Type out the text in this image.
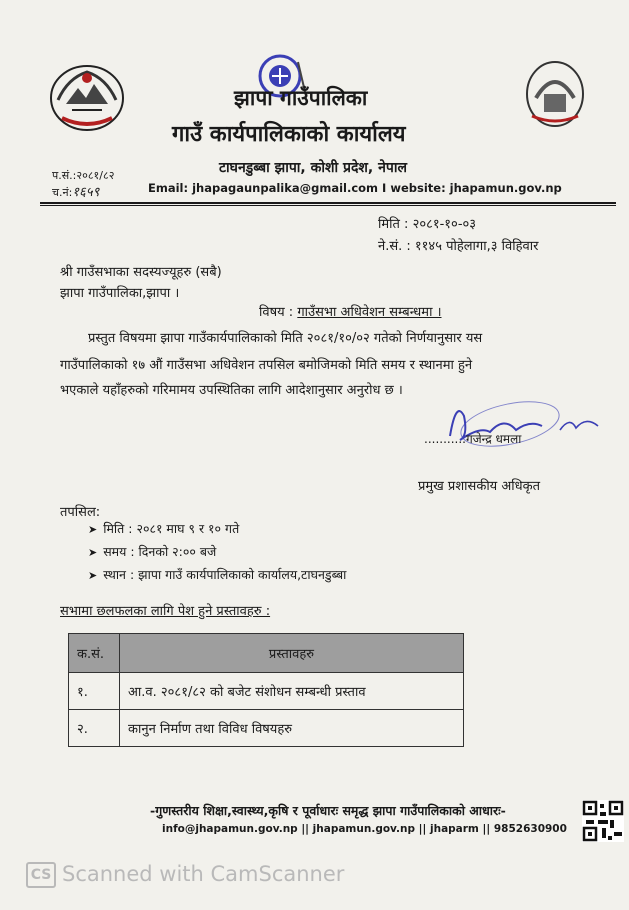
झापा गाउँपालिका
गाउँ कार्यपालिकाको कार्यालय
टाघनडुब्बा झापा, कोशी प्रदेश, नेपाल
Email: jhapagaunpalika@gmail.com I website: jhapamun.gov.np
प.सं.:२०८१/८२
च.नं:१६५९
मिति : २०८१-१०-०३
ने.सं. : ११४५ पोहेलागा,३ विहिवार
श्री गाउँसभाका सदस्यज्यूहरु (सबै)
झापा गाउँपालिका,झापा ।
विषय : गाउँसभा अधिवेशन सम्बन्धमा ।
प्रस्तुत विषयमा झापा गाउँकार्यपालिकाको मिति २०८१/१०/०२ गतेको निर्णयानुसार यस
गाउँपालिकाको १७ औं गाउँसभा अधिवेशन तपसिल बमोजिमको मिति समय र स्थानमा हुने
भएकाले यहाँहरुको गरिमामय उपस्थितिका लागि आदेशानुसार अनुरोध छ ।
...........गजेन्द्र धमला
प्रमुख प्रशासकीय अधिकृत
तपसिल:
➤ मिति : २०८१ माघ ९ र १० गते
➤ समय : दिनको २:०० बजे
➤ स्थान : झापा गाउँ कार्यपालिकाको कार्यालय,टाघनडुब्बा
सभामा छलफलका लागि पेश हुने प्रस्तावहरु :
क.सं.	प्रस्तावहरु
१.	आ.व. २०८१/८२ को बजेट संशोधन सम्बन्धी प्रस्ताव
२.	कानुन निर्माण तथा विविध विषयहरु
-गुणस्तरीय शिक्षा,स्वास्थ्य,कृषि र पूर्वाधारः समृद्ध झापा गाउँपालिकाको आधारः-
info@jhapamun.gov.np || jhapamun.gov.np || jhaparm || 9852630900
CS Scanned with CamScanner
